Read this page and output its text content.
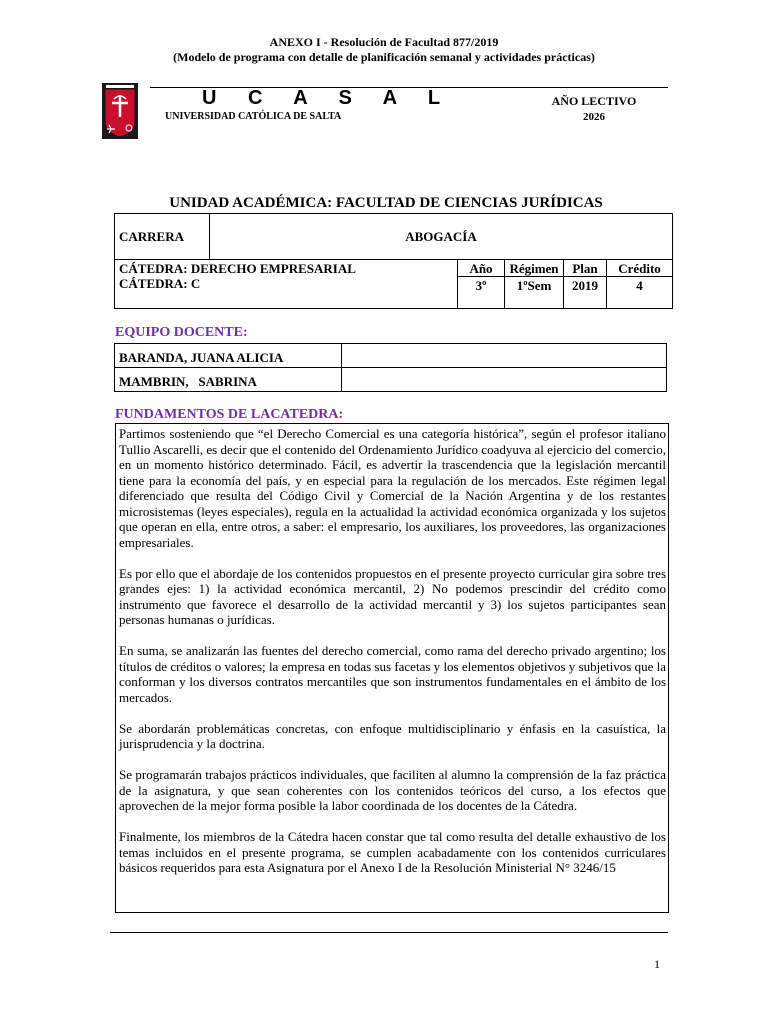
ANEXO I - Resolución de Facultad 877/2019
(Modelo de programa con detalle de planificación semanal y actividades prácticas)
U C A S A L
UNIVERSIDAD CATÓLICA DE SALTA
AÑO LECTIVO
2026
UNIDAD ACADÉMICA: FACULTAD DE CIENCIAS JURÍDICAS
CARRERA	ABOGACÍA
CÁTEDRA: DERECHO EMPRESARIAL
CÁTEDRA: C	Año	Régimen	Plan	Crédito
	3º	1ºSem	2019	4
EQUIPO DOCENTE:
BARANDA, JUANA ALICIA	
MAMBRIN,   SABRINA	
FUNDAMENTOS DE LACATEDRA:

Partimos sosteniendo que “el Derecho Comercial es una categoría histórica”, según el profesor italiano Tullio Ascarelli, es decir que el contenido del Ordenamiento Jurídico coadyuva al ejercicio del comercio, en un momento histórico determinado. Fácil, es advertir la trascendencia que la legislación mercantil tiene para la economía del país, y en especial para la regulación de los mercados. Este régimen legal diferenciado que resulta del Código Civil y Comercial de la Nación Argentina y de los restantes microsistemas (leyes especiales), regula en la actualidad la actividad económica organizada y los sujetos que operan en ella, entre otros, a saber: el empresario, los auxiliares, los proveedores, las organizaciones empresariales.

Es por ello que el abordaje de los contenidos propuestos en el presente proyecto curricular gira sobre tres grandes ejes: 1) la actividad económica mercantil, 2) No podemos prescindir del crédito como instrumento que favorece el desarrollo de la actividad mercantil y 3) los sujetos participantes sean personas humanas o jurídicas.

En suma, se analizarán las fuentes del derecho comercial, como rama del derecho privado argentino; los títulos de créditos o valores; la empresa en todas sus facetas y los elementos objetivos y subjetivos que la conforman y los diversos contratos mercantiles que son instrumentos fundamentales en el ámbito de los mercados.

Se abordarán problemáticas concretas, con enfoque multidisciplinario y énfasis en la casuística, la jurisprudencia y la doctrina.

Se programarán trabajos prácticos individuales, que faciliten al alumno la comprensión de la faz práctica de la asignatura, y que sean coherentes con los contenidos teóricos del curso, a los efectos que aprovechen de la mejor forma posible la labor coordinada de los docentes de la Cátedra.

Finalmente, los miembros de la Cátedra hacen constar que tal como resulta del detalle exhaustivo de los temas incluidos en el presente programa, se cumplen acabadamente con los contenidos curriculares básicos requeridos para esta Asignatura por el Anexo I de la Resolución Ministerial N° 3246/15

1
